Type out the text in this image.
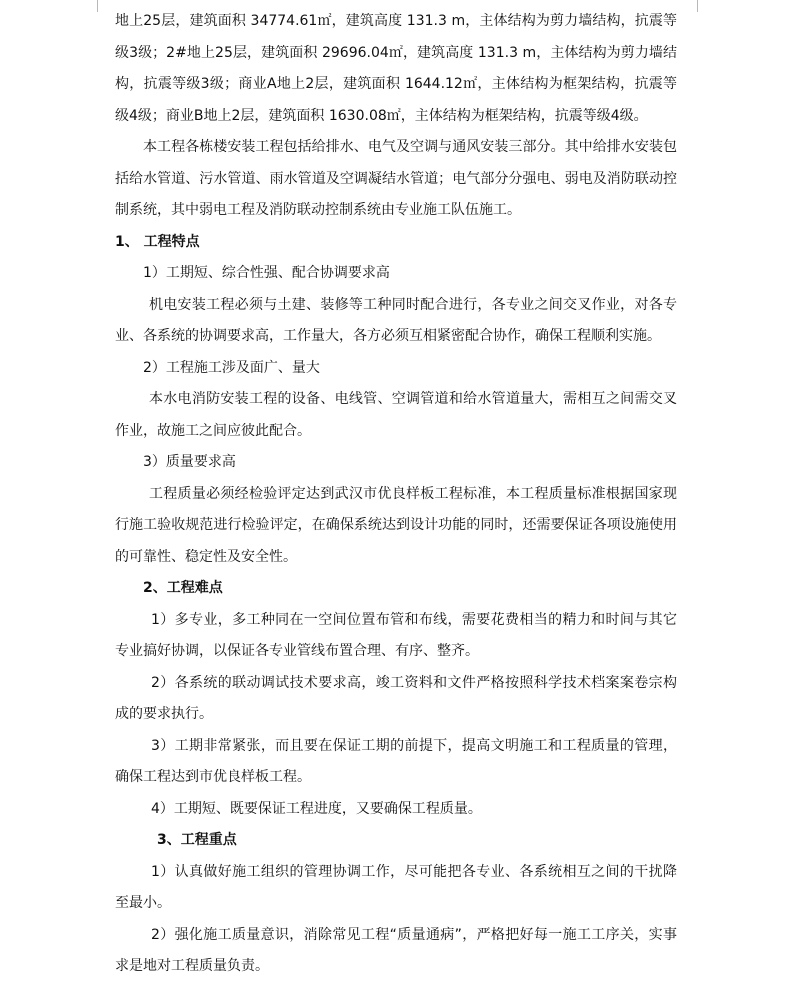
地上25层，建筑面积 34774.61㎡，建筑高度 131.3 m，主体结构为剪力墙结构，抗震等级3级；2#地上25层，建筑面积 29696.04㎡，建筑高度 131.3 m，主体结构为剪力墙结构，抗震等级3级；商业A地上2层，建筑面积 1644.12㎡，主体结构为框架结构，抗震等级4级；商业B地上2层，建筑面积 1630.08㎡，主体结构为框架结构，抗震等级4级。

本工程各栋楼安装工程包括给排水、电气及空调与通风安装三部分。其中给排水安装包括给水管道、污水管道、雨水管道及空调凝结水管道；电气部分分强电、弱电及消防联动控制系统，其中弱电工程及消防联动控制系统由专业施工队伍施工。

1、 工程特点

1）工期短、综合性强、配合协调要求高

机电安装工程必须与土建、装修等工种同时配合进行，各专业之间交叉作业，对各专业、各系统的协调要求高，工作量大，各方必须互相紧密配合协作，确保工程顺利实施。

2）工程施工涉及面广、量大

本水电消防安装工程的设备、电线管、空调管道和给水管道量大，需相互之间需交叉作业，故施工之间应彼此配合。

3）质量要求高

工程质量必须经检验评定达到武汉市优良样板工程标准，本工程质量标准根据国家现行施工验收规范进行检验评定，在确保系统达到设计功能的同时，还需要保证各项设施使用的可靠性、稳定性及安全性。

2、工程难点

1）多专业，多工种同在一空间位置布管和布线，需要花费相当的精力和时间与其它专业搞好协调，以保证各专业管线布置合理、有序、整齐。

2）各系统的联动调试技术要求高，竣工资料和文件严格按照科学技术档案案卷宗构成的要求执行。

3）工期非常紧张，而且要在保证工期的前提下，提高文明施工和工程质量的管理，确保工程达到市优良样板工程。

4）工期短、既要保证工程进度，又要确保工程质量。

3、工程重点

1）认真做好施工组织的管理协调工作，尽可能把各专业、各系统相互之间的干扰降至最小。

2）强化施工质量意识，消除常见工程“质量通病”，严格把好每一施工工序关，实事求是地对工程质量负责。
